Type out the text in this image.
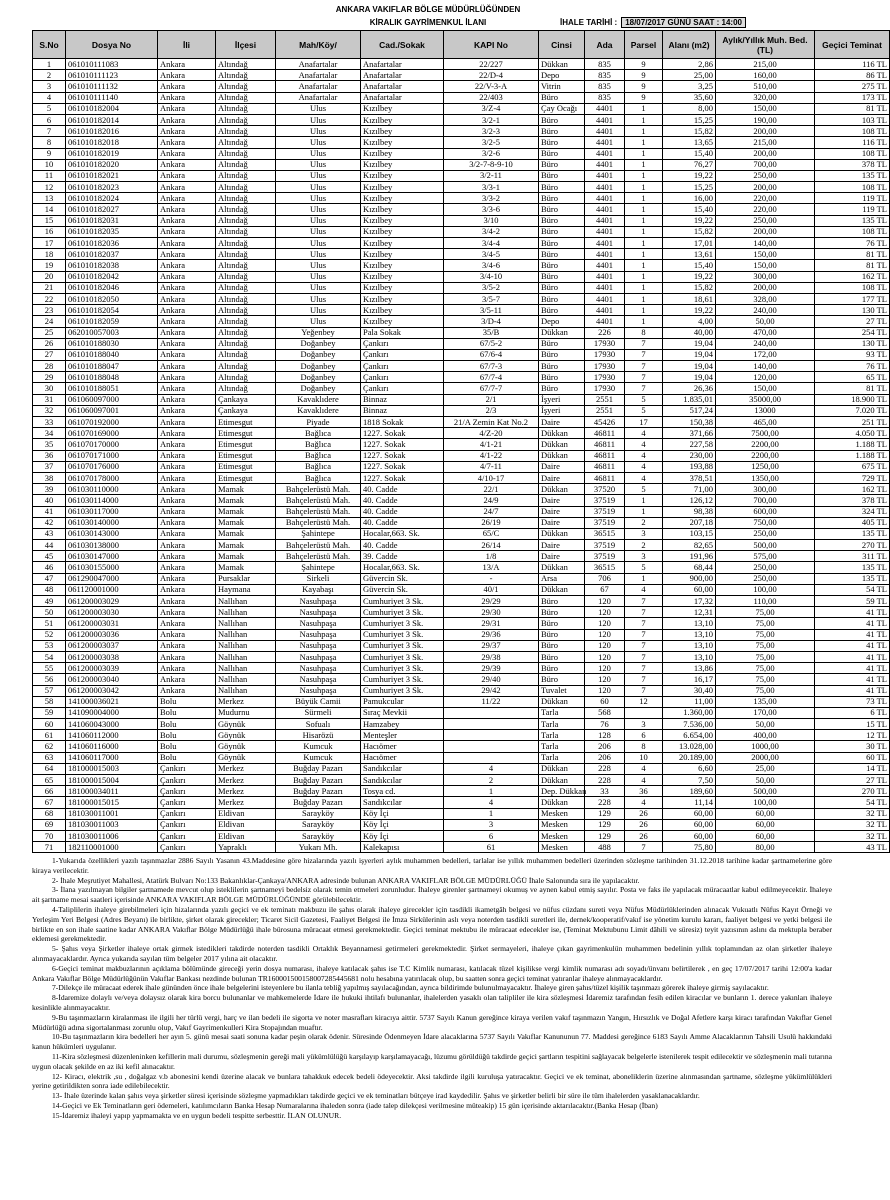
ANKARA VAKIFLAR BÖLGE MÜDÜRLÜĞÜNDEN
KİRALIK GAYRİMENKUL İLANI	İHALE TARİHİ : 18/07/2017 GÜNÜ SAAT : 14:00
S.No	Dosya No	İli	İlçesi	Mah/Köy/	Cad./Sokak	KAPI No	Cinsi	Ada	Parsel	Alanı (m2)	Aylık/Yıllık Muh. Bed.(TL)	Geçici Teminat
1	061010111083	Ankara	Altındağ	Anafartalar	Anafartalar	22/227	Dükkan	835	9	2,86	215,00	116 TL
2	061010111123	Ankara	Altındağ	Anafartalar	Anafartalar	22/D-4	Depo	835	9	25,00	160,00	86 TL
3	061010111132	Ankara	Altındağ	Anafartalar	Anafartalar	22/V-3-A	Vitrin	835	9	3,25	510,00	275 TL
4	061010111140	Ankara	Altındağ	Anafartalar	Anafartalar	22/403	Büro	835	9	35,60	320,00	173 TL
5	061010182004	Ankara	Altındağ	Ulus	Kızılbey	3/Z-4	Çay Ocağı	4401	1	8,00	150,00	81 TL
6	061010182014	Ankara	Altındağ	Ulus	Kızılbey	3/2-1	Büro	4401	1	15,25	190,00	103 TL
7	061010182016	Ankara	Altındağ	Ulus	Kızılbey	3/2-3	Büro	4401	1	15,82	200,00	108 TL
8	061010182018	Ankara	Altındağ	Ulus	Kızılbey	3/2-5	Büro	4401	1	13,65	215,00	116 TL
9	061010182019	Ankara	Altındağ	Ulus	Kızılbey	3/2-6	Büro	4401	1	15,40	200,00	108 TL
10	061010182020	Ankara	Altındağ	Ulus	Kızılbey	3/2-7-8-9-10	Büro	4401	1	76,27	700,00	378 TL
11	061010182021	Ankara	Altındağ	Ulus	Kızılbey	3/2-11	Büro	4401	1	19,22	250,00	135 TL
12	061010182023	Ankara	Altındağ	Ulus	Kızılbey	3/3-1	Büro	4401	1	15,25	200,00	108 TL
13	061010182024	Ankara	Altındağ	Ulus	Kızılbey	3/3-2	Büro	4401	1	16,00	220,00	119 TL
14	061010182027	Ankara	Altındağ	Ulus	Kızılbey	3/3-6	Büro	4401	1	15,40	220,00	119 TL
15	061010182031	Ankara	Altındağ	Ulus	Kızılbey	3/10	Büro	4401	1	19,22	250,00	135 TL
16	061010182035	Ankara	Altındağ	Ulus	Kızılbey	3/4-2	Büro	4401	1	15,82	200,00	108 TL
17	061010182036	Ankara	Altındağ	Ulus	Kızılbey	3/4-4	Büro	4401	1	17,01	140,00	76 TL
18	061010182037	Ankara	Altındağ	Ulus	Kızılbey	3/4-5	Büro	4401	1	13,61	150,00	81 TL
19	061010182038	Ankara	Altındağ	Ulus	Kızılbey	3/4-6	Büro	4401	1	15,40	150,00	81 TL
20	061010182042	Ankara	Altındağ	Ulus	Kızılbey	3/4-10	Büro	4401	1	19,22	300,00	162 TL
21	061010182046	Ankara	Altındağ	Ulus	Kızılbey	3/5-2	Büro	4401	1	15,82	200,00	108 TL
22	061010182050	Ankara	Altındağ	Ulus	Kızılbey	3/5-7	Büro	4401	1	18,61	328,00	177 TL
23	061010182054	Ankara	Altındağ	Ulus	Kızılbey	3/5-11	Büro	4401	1	19,22	240,00	130 TL
24	061010182059	Ankara	Altındağ	Ulus	Kızılbey	3/D-4	Depo	4401	1	4,00	50,00	27 TL
25	062010057003	Ankara	Altındağ	Yeğenbey	Pala Sokak	35/B	Dükkan	226	8	40,00	470,00	254 TL
26	061010188030	Ankara	Altındağ	Doğanbey	Çankırı	67/5-2	Büro	17930	7	19,04	240,00	130 TL
27	061010188040	Ankara	Altındağ	Doğanbey	Çankırı	67/6-4	Büro	17930	7	19,04	172,00	93 TL
28	061010188047	Ankara	Altındağ	Doğanbey	Çankırı	67/7-3	Büro	17930	7	19,04	140,00	76 TL
29	061010188048	Ankara	Altındağ	Doğanbey	Çankırı	67/7-4	Büro	17930	7	19,04	120,00	65 TL
30	061010188051	Ankara	Altındağ	Doğanbey	Çankırı	67/7-7	Büro	17930	7	26,36	150,00	81 TL
31	061060097000	Ankara	Çankaya	Kavaklıdere	Binnaz	2/1	İşyeri	2551	5	1.835,01	35000,00	18.900 TL
32	061060097001	Ankara	Çankaya	Kavaklıdere	Binnaz	2/3	İşyeri	2551	5	517,24	13000	7.020 TL
33	061070192000	Ankara	Etimesgut	Piyade	1818 Sokak	21/A Zemin Kat No.2	Daire	45426	17	150,38	465,00	251 TL
34	061070169000	Ankara	Etimesgut	Bağlıca	1227. Sokak	4/Z-20	Dükkan	46811	4	371,66	7500,00	4.050 TL
35	061070170000	Ankara	Etimesgut	Bağlıca	1227. Sokak	4/1-21	Dükkan	46811	4	227,58	2200,00	1.188 TL
36	061070171000	Ankara	Etimesgut	Bağlıca	1227. Sokak	4/1-22	Dükkan	46811	4	230,00	2200,00	1.188 TL
37	061070176000	Ankara	Etimesgut	Bağlıca	1227. Sokak	4/7-11	Daire	46811	4	193,88	1250,00	675 TL
38	061070178000	Ankara	Etimesgut	Bağlıca	1227. Sokak	4/10-17	Daire	46811	4	378,51	1350,00	729 TL
39	061030110000	Ankara	Mamak	Bahçelerüstü Mah.	40. Cadde	22/1	Dükkan	37520	5	71,00	300,00	162 TL
40	061030114000	Ankara	Mamak	Bahçelerüstü Mah.	40. Cadde	24/9	Daire	37519	1	126,12	700,00	378 TL
41	061030117000	Ankara	Mamak	Bahçelerüstü Mah.	40. Cadde	24/7	Daire	37519	1	98,38	600,00	324 TL
42	061030140000	Ankara	Mamak	Bahçelerüstü Mah.	40. Cadde	26/19	Daire	37519	2	207,18	750,00	405 TL
43	061030143000	Ankara	Mamak	Şahintepe	Hocalar,663. Sk.	65/C	Dükkan	36515	3	103,15	250,00	135 TL
44	061030138000	Ankara	Mamak	Bahçelerüstü Mah.	40. Cadde	26/14	Daire	37519	2	82,65	500,00	270 TL
45	061030147000	Ankara	Mamak	Bahçelerüstü Mah.	39. Cadde	1/8	Daire	37519	3	191,96	575,00	311 TL
46	061030155000	Ankara	Mamak	Şahintepe	Hocalar,663. Sk.	13/A	Dükkan	36515	5	68,44	250,00	135 TL
47	061290047000	Ankara	Pursaklar	Sirkeli	Güvercin Sk.	-	Arsa	706	1	900,00	250,00	135 TL
48	061120001000	Ankara	Haymana	Kayabaşı	Güvercin Sk.	40/1	Dükkan	67	4	60,00	100,00	54 TL
49	061200003029	Ankara	Nallıhan	Nasuhpaşa	Cumhuriyet 3 Sk.	29/29	Büro	120	7	17,32	110,00	59 TL
50	061200003030	Ankara	Nallıhan	Nasuhpaşa	Cumhuriyet 3 Sk.	29/30	Büro	120	7	12,31	75,00	41 TL
51	061200003031	Ankara	Nallıhan	Nasuhpaşa	Cumhuriyet 3 Sk.	29/31	Büro	120	7	13,10	75,00	41 TL
52	061200003036	Ankara	Nallıhan	Nasuhpaşa	Cumhuriyet 3 Sk.	29/36	Büro	120	7	13,10	75,00	41 TL
53	061200003037	Ankara	Nallıhan	Nasuhpaşa	Cumhuriyet 3 Sk.	29/37	Büro	120	7	13,10	75,00	41 TL
54	061200003038	Ankara	Nallıhan	Nasuhpaşa	Cumhuriyet 3 Sk.	29/38	Büro	120	7	13,10	75,00	41 TL
55	061200003039	Ankara	Nallıhan	Nasuhpaşa	Cumhuriyet 3 Sk.	29/39	Büro	120	7	13,86	75,00	41 TL
56	061200003040	Ankara	Nallıhan	Nasuhpaşa	Cumhuriyet 3 Sk.	29/40	Büro	120	7	16,17	75,00	41 TL
57	061200003042	Ankara	Nallıhan	Nasuhpaşa	Cumhuriyet 3 Sk.	29/42	Tuvalet	120	7	30,40	75,00	41 TL
58	141000036021	Bolu	Merkez	Büyük Camii	Pamukcular	11/22	Dükkan	60	12	11,00	135,00	73 TL
59	141090004000	Bolu	Mudurnu	Sürmeli	Sıraç Mevkii		Tarla	568		1.360,00	170,00	6 TL
60	141060043000	Bolu	Göynük	Sofualı	Hamzabey		Tarla	76	3	7.536,00	50,00	15 TL
61	141060112000	Bolu	Göynük	Hisarözü	Menteşler		Tarla	128	6	6.654,00	400,00	12 TL
62	141060116000	Bolu	Göynük	Kumcuk	Hacıömer		Tarla	206	8	13.028,00	1000,00	30 TL
63	141060117000	Bolu	Göynük	Kumcuk	Hacıömer		Tarla	206	10	20.189,00	2000,00	60 TL
64	181000015003	Çankırı	Merkez	Buğday Pazarı	Sandıkcılar	4	Dükkan	228	4	6,60	25,00	14 TL
65	181000015004	Çankırı	Merkez	Buğday Pazarı	Sandıkcılar	2	Dükkan	228	4	7,50	50,00	27 TL
66	181000034011	Çankırı	Merkez	Buğday Pazarı	Tosya cd.	1	Dep. Dükkan	33	36	189,60	500,00	270 TL
67	181000015015	Çankırı	Merkez	Buğday Pazarı	Sandıkcılar	4	Dükkan	228	4	11,14	100,00	54 TL
68	181030011001	Çankırı	Eldivan	Sarayköy	Köy İçi	1	Mesken	129	26	60,00	60,00	32 TL
69	181030011003	Çankırı	Eldivan	Sarayköy	Köy İçi	3	Mesken	129	26	60,00	60,00	32 TL
70	181030011006	Çankırı	Eldivan	Sarayköy	Köy İçi	6	Mesken	129	26	60,00	60,00	32 TL
71	182110001000	Çankırı	Yapraklı	Yukarı Mh.	Kalekapısı	61	Mesken	488	7	75,80	80,00	43 TL

1-Yukarıda özellikleri yazılı taşınmazlar 2886 Sayılı Yasanın 43.Maddesine göre hizalarında yazılı işyerleri aylık muhammen bedelleri, tarlalar ise yıllık muhammen bedelleri üzerinden sözleşme tarihinden 31.12.2018 tarihine kadar şartnamelerine göre kiraya verilecektir.

2- İhale Meşrutiyet Mahallesi, Atatürk Bulvarı No:133 Bakanlıklar-Çankaya/ANKARA adresinde bulunan ANKARA VAKIFLAR BÖLGE MÜDÜRLÜĞÜ İhale Salonunda sıra ile yapılacaktır.

3- İlana yazılmayan bilgiler şartnamede mevcut olup isteklilerin şartnameyi bedelsiz olarak temin etmeleri zorunludur. İhaleye girenler şartnameyi okumuş ve aynen kabul etmiş sayılır. Posta ve faks ile yapılacak müracaatlar kabul edilmeyecektir. İhaleye ait şartname mesai saatleri içerisinde ANKARA VAKIFLAR BÖLGE MÜDÜRLÜĞÜNDE görülebilecektir.

4-Taliplilerin ihaleye girebilmeleri için hizalarında yazılı geçici ve ek teminatı makbuzu ile şahıs olarak ihaleye girecekler için tasdikli ikametgâh belgesi ve nüfus cüzdanı sureti veya Nüfus Müdürlüklerinden alınacak Vukuatlı Nüfus Kayıt Örneği ve Yerleşim Yeri Belgesi (Adres Beyanı) ile birlikte, şirket olarak girecekler; Ticaret Sicil Gazetesi, Faaliyet Belgesi ile İmza Sirkülerinin aslı veya noterden tasdikli suretleri ile, dernek/kooperatif/vakıf ise yönetim kurulu kararı, faaliyet belgesi ve yetki belgesi ile birlikte en son ihale saatine kadar ANKARA Vakıflar Bölge Müdürlüğü ihale bürosuna müracaat etmesi gerekmektedir. Geçici teminat mektubu ile müracaat edecekler ise, (Teminat Mektubunu Limit dâhili ve süresiz) teyit yazısının aslını da mektupla beraber eklemesi gerekmektedir.

5- Şahıs veya Şirketler ihaleye ortak girmek istedikleri takdirde noterden tasdikli Ortaklık Beyannamesi getirmeleri gerekmektedir. Şirket sermayeleri, ihaleye çıkan gayrimenkulün muhammen bedelinin yıllık toplamından az olan şirketler ihaleye alınmayacaklardır. Ayrıca yukarıda sayılan tüm belgeler 2017 yılına ait olacaktır.

6-Geçici teminat makbuzlarının açıklama bölümünde gireceği yerin dosya numarası, ihaleye katılacak şahıs ise T.C Kimlik numarası, katılacak tüzel kişilikse vergi kimlik numarası adı soyadı/ünvanı belirtilerek , en geç 17/07/2017 tarihi 12:00'a kadar Ankara Vakıflar Bölge Müdürlüğünün Vakıflar Bankası nezdinde bulunan TR160001500158007285445681 nolu hesabına yatırılacak olup, bu saatten sonra geçici teminat yatıranlar ihaleye alınmayacaklardır.

7-Dilekçe ile müracaat ederek ihale gününden önce ihale belgelerini isteyenlere bu ilanla tebliğ yapılmış sayılacağından, ayrıca bildirimde bulunulmayacaktır. İhaleye giren şahıs/tüzel kişilik taşınmazı görerek ihaleye girmiş sayılacaktır.

8-İdaremize dolaylı ve/veya dolaysız olarak kira borcu bulunanlar ve mahkemelerde İdare ile hukuki ihtilafı bulunanlar, ihalelerden yasaklı olan talipliler ile kira sözleşmesi İdaremiz tarafından fesih edilen kiracılar ve bunların 1. derece yakınları ihaleye kesinlikle alınmayacaktır.

9-Bu taşınmazların kiralanması ile ilgili her türlü vergi, harç ve ilan bedeli ile sigorta ve noter masrafları kiracıya aittir. 5737 Sayılı Kanun gereğince kiraya verilen vakıf taşınmazın Yangın, Hırsızlık ve Doğal Afetlere karşı kiracı tarafından Vakıflar Genel Müdürlüğü adına sigortalanması zorunlu olup, Vakıf Gayrimenkulleri Kira Stopajından muaftır.

10-Bu taşınmazların kira bedelleri her ayın 5. günü mesai saati sonuna kadar peşin olarak ödenir. Süresinde Ödenmeyen İdare alacaklarına 5737 Sayılı Vakıflar Kanununun 77. Maddesi gereğince 6183 Sayılı Amme Alacaklarının Tahsili Usulü hakkındaki kanun hükümleri uygulanır.

11-Kira sözleşmesi düzenleninken kefillerin mali durumu, sözleşmenin gereği mali yükümlülüğü karşılayıp karşılamayacağı, lüzumu görüldüğü takdirde geçici şartların tespitini sağlayacak belgelerle istenilerek tespit edilecektir ve sözleşmenin mali tutarına uygun olacak şekilde en az iki kefil alınacaktır.

12- Kiracı, elektrik ,su , doğalgaz v.b abonesini kendi üzerine alacak ve bunlara tahakkuk edecek bedeli ödeyecektir. Aksi takdirde ilgili kuruluşa yatıracaktır. Geçici ve ek teminat, aboneliklerin üzerine alınmasından şartname, sözleşme yükümlülükleri yerine getirildikten sonra iade edilebilecektir.

13- İhale üzerinde kalan şahıs veya şirketler süresi içerisinde sözleşme yapmadıkları takdirde geçici ve ek teminatları bütçeye irad kaydedilir. Şahıs ve şirketler belirli bir süre ile tüm ihalelerden yasaklanacaklardır.

14-Geçici ve Ek Teminatların geri ödemeleri, katılımcıların Banka Hesap Numaralarına ihaleden sonra (iade talep dilekçesi verilmesine müteakip) 15 gün içerisinde aktarılacaktır.(Banka Hesap (İban)

15-İdaremiz ihaleyi yapıp yapmamakta ve en uygun bedeli tespitte serbesttir. İLAN OLUNUR.
